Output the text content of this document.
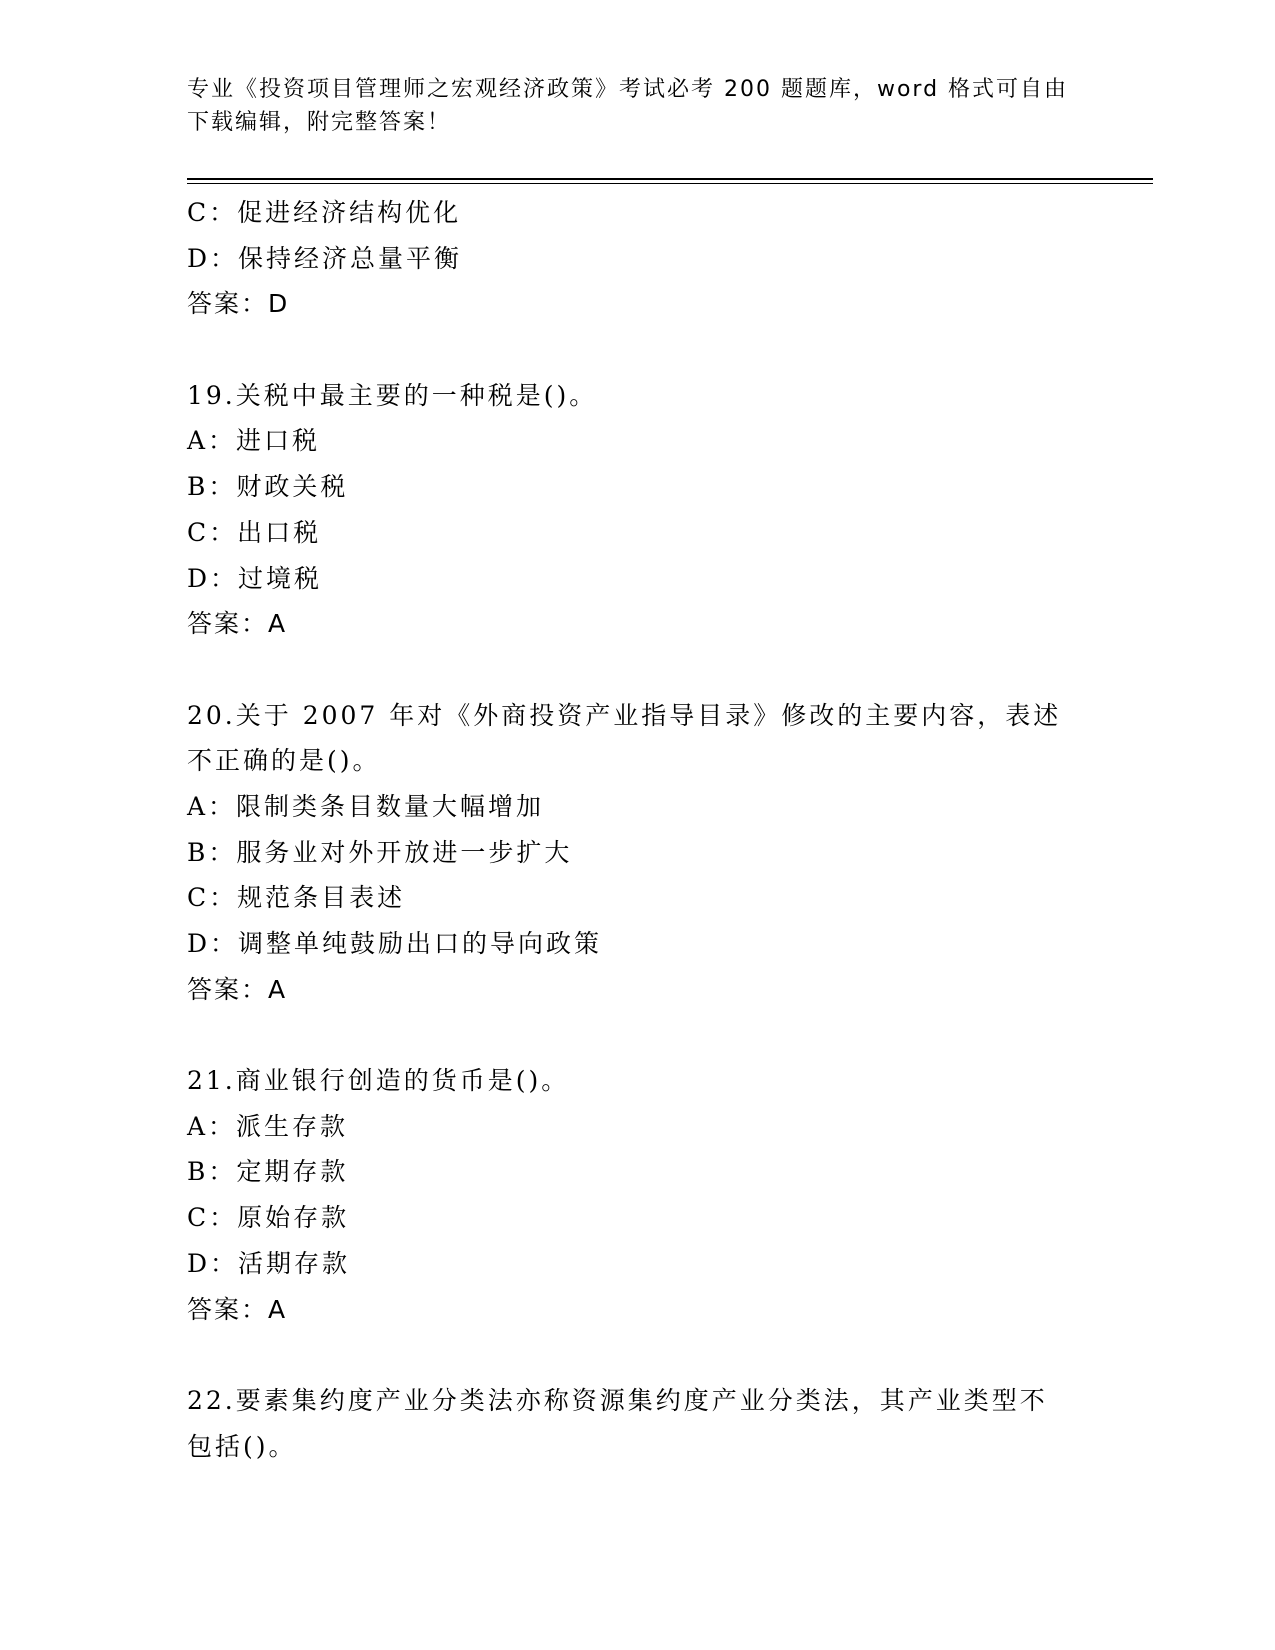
专业《投资项目管理师之宏观经济政策》考试必考 200 题题库，word 格式可自由下载编辑，附完整答案！
C：促进经济结构优化
D：保持经济总量平衡
答案：D
19.关税中最主要的一种税是()。
A：进口税
B：财政关税
C：出口税
D：过境税
答案：A
20.关于 2007 年对《外商投资产业指导目录》修改的主要内容，表述
不正确的是()。
A：限制类条目数量大幅增加
B：服务业对外开放进一步扩大
C：规范条目表述
D：调整单纯鼓励出口的导向政策
答案：A
21.商业银行创造的货币是()。
A：派生存款
B：定期存款
C：原始存款
D：活期存款
答案：A
22.要素集约度产业分类法亦称资源集约度产业分类法，其产业类型不
包括()。
